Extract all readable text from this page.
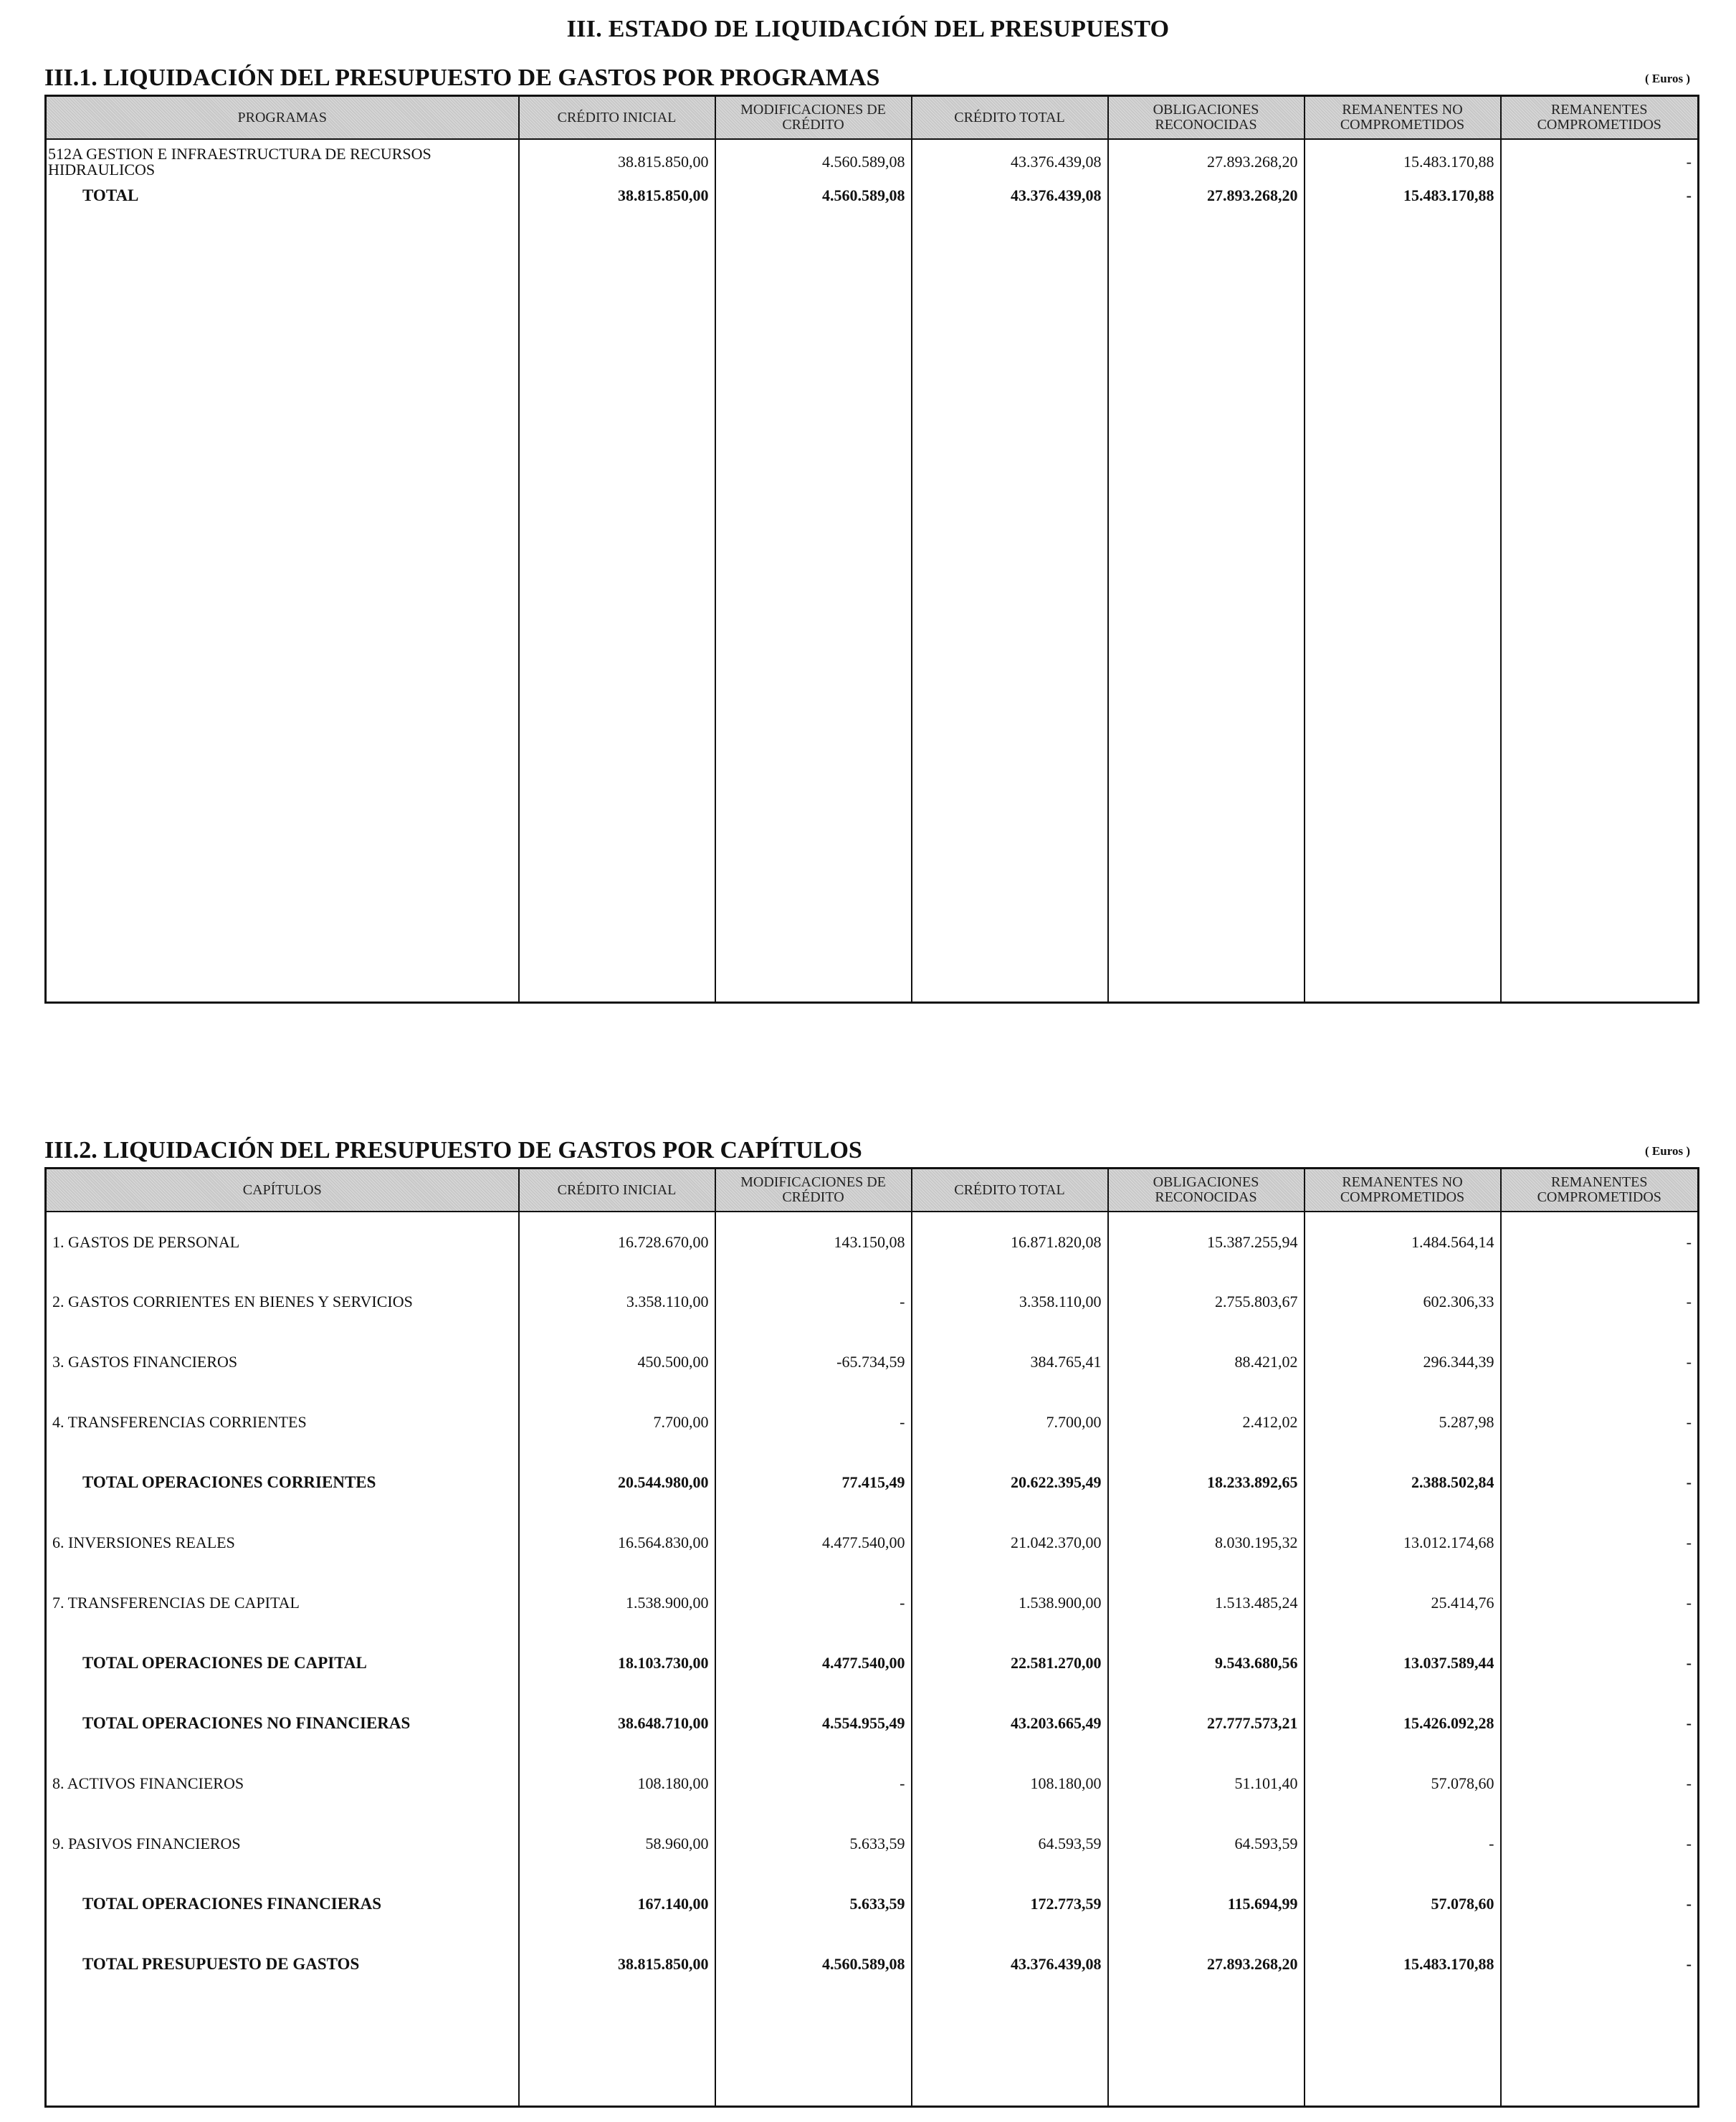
III. ESTADO DE LIQUIDACIÓN DEL PRESUPUESTO
III.1. LIQUIDACIÓN DEL PRESUPUESTO DE GASTOS POR PROGRAMAS	( Euros )
PROGRAMAS	CRÉDITO INICIAL	MODIFICACIONES DE CRÉDITO	CRÉDITO TOTAL	OBLIGACIONES RECONOCIDAS	REMANENTES NO COMPROMETIDOS	REMANENTES COMPROMETIDOS
512A GESTION E INFRAESTRUCTURA DE RECURSOS HIDRAULICOS	38.815.850,00	4.560.589,08	43.376.439,08	27.893.268,20	15.483.170,88	-
TOTAL	38.815.850,00	4.560.589,08	43.376.439,08	27.893.268,20	15.483.170,88	-

III.2. LIQUIDACIÓN DEL PRESUPUESTO DE GASTOS POR CAPÍTULOS	( Euros )
CAPÍTULOS	CRÉDITO INICIAL	MODIFICACIONES DE CRÉDITO	CRÉDITO TOTAL	OBLIGACIONES RECONOCIDAS	REMANENTES NO COMPROMETIDOS	REMANENTES COMPROMETIDOS
1. GASTOS DE PERSONAL	16.728.670,00	143.150,08	16.871.820,08	15.387.255,94	1.484.564,14	-
2. GASTOS CORRIENTES EN BIENES Y SERVICIOS	3.358.110,00	-	3.358.110,00	2.755.803,67	602.306,33	-
3. GASTOS FINANCIEROS	450.500,00	-65.734,59	384.765,41	88.421,02	296.344,39	-
4. TRANSFERENCIAS CORRIENTES	7.700,00	-	7.700,00	2.412,02	5.287,98	-
TOTAL OPERACIONES CORRIENTES	20.544.980,00	77.415,49	20.622.395,49	18.233.892,65	2.388.502,84	-
6. INVERSIONES REALES	16.564.830,00	4.477.540,00	21.042.370,00	8.030.195,32	13.012.174,68	-
7. TRANSFERENCIAS DE CAPITAL	1.538.900,00	-	1.538.900,00	1.513.485,24	25.414,76	-
TOTAL OPERACIONES DE CAPITAL	18.103.730,00	4.477.540,00	22.581.270,00	9.543.680,56	13.037.589,44	-
TOTAL OPERACIONES NO FINANCIERAS	38.648.710,00	4.554.955,49	43.203.665,49	27.777.573,21	15.426.092,28	-
8. ACTIVOS FINANCIEROS	108.180,00	-	108.180,00	51.101,40	57.078,60	-
9. PASIVOS FINANCIEROS	58.960,00	5.633,59	64.593,59	64.593,59	-	-
TOTAL OPERACIONES FINANCIERAS	167.140,00	5.633,59	172.773,59	115.694,99	57.078,60	-
TOTAL PRESUPUESTO DE GASTOS	38.815.850,00	4.560.589,08	43.376.439,08	27.893.268,20	15.483.170,88	-
